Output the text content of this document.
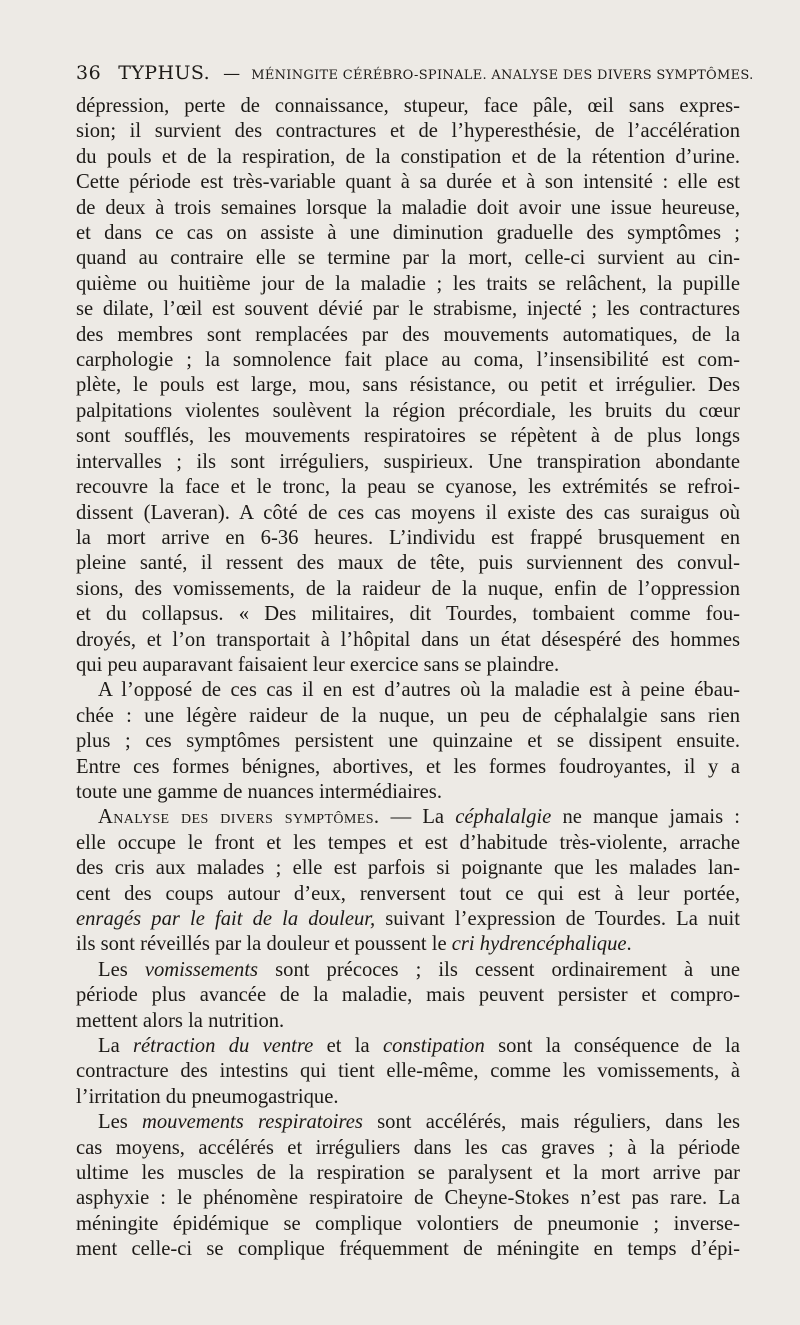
36 TYPHUS. — MÉNINGITE CÉRÉBRO-SPINALE. ANALYSE DES DIVERS SYMPTÔMES.

dépression, perte de connaissance, stupeur, face pâle, œil sans expres-

sion; il survient des contractures et de l’hyperesthésie, de l’accélération

du pouls et de la respiration, de la constipation et de la rétention d’urine.

Cette période est très-variable quant à sa durée et à son intensité : elle est

de deux à trois semaines lorsque la maladie doit avoir une issue heureuse,

et dans ce cas on assiste à une diminution graduelle des symptômes ;

quand au contraire elle se termine par la mort, celle-ci survient au cin-

quième ou huitième jour de la maladie ; les traits se relâchent, la pupille

se dilate, l’œil est souvent dévié par le strabisme, injecté ; les contractures

des membres sont remplacées par des mouvements automatiques, de la

carphologie ; la somnolence fait place au coma, l’insensibilité est com-

plète, le pouls est large, mou, sans résistance, ou petit et irrégulier. Des

palpitations violentes soulèvent la région précordiale, les bruits du cœur

sont soufflés, les mouvements respiratoires se répètent à de plus longs

intervalles ; ils sont irréguliers, suspirieux. Une transpiration abondante

recouvre la face et le tronc, la peau se cyanose, les extrémités se refroi-

dissent (Laveran). A côté de ces cas moyens il existe des cas suraigus où

la mort arrive en 6-36 heures. L’individu est frappé brusquement en

pleine santé, il ressent des maux de tête, puis surviennent des convul-

sions, des vomissements, de la raideur de la nuque, enfin de l’oppression

et du collapsus. « Des militaires, dit Tourdes, tombaient comme fou-

droyés, et l’on transportait à l’hôpital dans un état désespéré des hommes

qui peu auparavant faisaient leur exercice sans se plaindre.

A l’opposé de ces cas il en est d’autres où la maladie est à peine ébau-

chée : une légère raideur de la nuque, un peu de céphalalgie sans rien

plus ; ces symptômes persistent une quinzaine et se dissipent ensuite.

Entre ces formes bénignes, abortives, et les formes foudroyantes, il y a

toute une gamme de nuances intermédiaires.

Analyse des divers symptômes. — La céphalalgie ne manque jamais :

elle occupe le front et les tempes et est d’habitude très-violente, arrache

des cris aux malades ; elle est parfois si poignante que les malades lan-

cent des coups autour d’eux, renversent tout ce qui est à leur portée,

enragés par le fait de la douleur, suivant l’expression de Tourdes. La nuit

ils sont réveillés par la douleur et poussent le cri hydrencéphalique.

Les vomissements sont précoces ; ils cessent ordinairement à une

période plus avancée de la maladie, mais peuvent persister et compro-

mettent alors la nutrition.

La rétraction du ventre et la constipation sont la conséquence de la

contracture des intestins qui tient elle-même, comme les vomissements, à

l’irritation du pneumogastrique.

Les mouvements respiratoires sont accélérés, mais réguliers, dans les

cas moyens, accélérés et irréguliers dans les cas graves ; à la période

ultime les muscles de la respiration se paralysent et la mort arrive par

asphyxie : le phénomène respiratoire de Cheyne-Stokes n’est pas rare. La

méningite épidémique se complique volontiers de pneumonie ; inverse-

ment celle-ci se complique fréquemment de méningite en temps d’épi-
